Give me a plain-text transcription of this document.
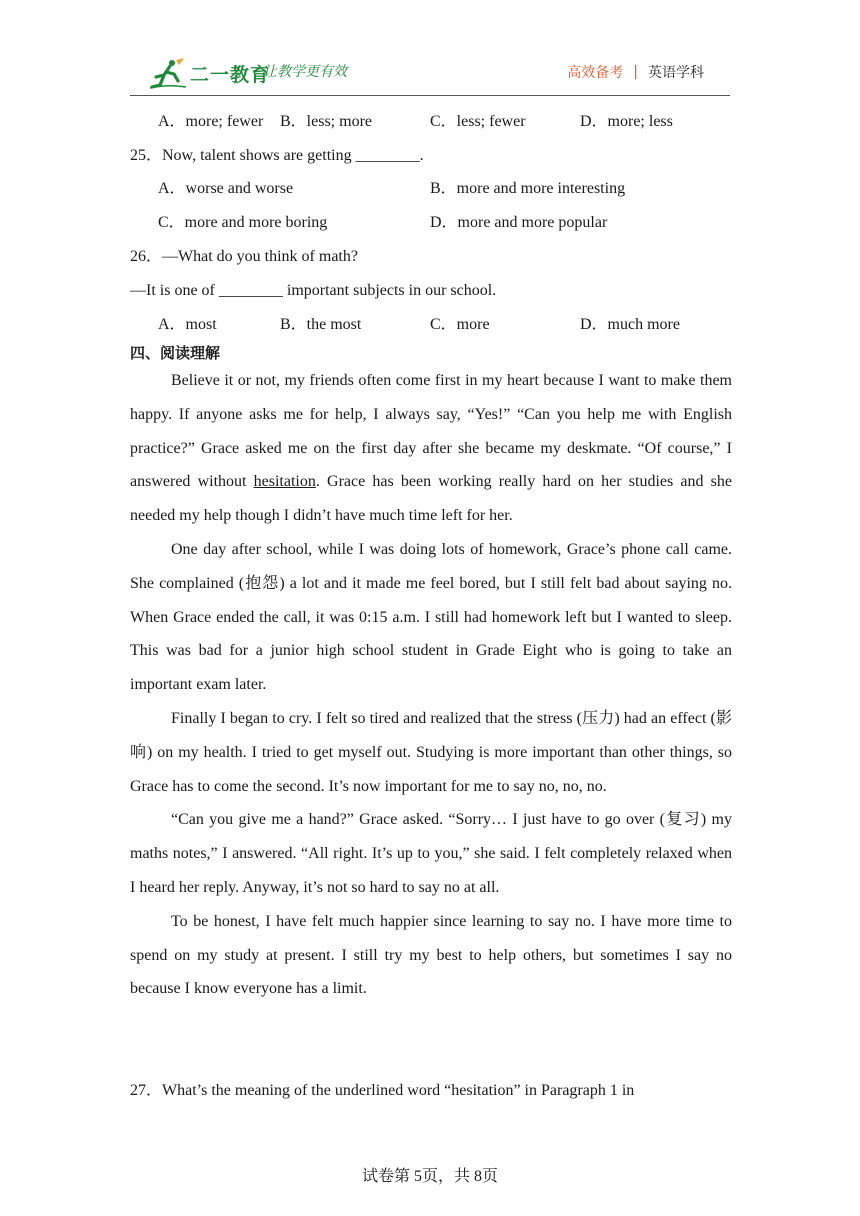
二一教育
让教学更有效	高效备考 | 英语学科
A．more; fewer B．less; more	C．less; fewer	D．more; less
25．Now, talent shows are getting ________.
A．worse and worse	B．more and more interesting
C．more and more boring	D．more and more popular
26．—What do you think of math?
—It is one of ________ important subjects in our school.
A．most	B．the most	C．more	D．much more
四、阅读理解

Believe it or not, my friends often come first in my heart because I want to make them happy. If anyone asks me for help, I always say, “Yes!” “Can you help me with English practice?” Grace asked me on the first day after she became my deskmate. “Of course,” I answered without hesitation. Grace has been working really hard on her studies and she needed my help though I didn’t have much time left for her.

One day after school, while I was doing lots of homework, Grace’s phone call came. She complained (抱怨) a lot and it made me feel bored, but I still felt bad about saying no. When Grace ended the call, it was 0:15 a.m. I still had homework left but I wanted to sleep. This was bad for a junior high school student in Grade Eight who is going to take an important exam later.

Finally I began to cry. I felt so tired and realized that the stress (压力) had an effect (影响) on my health. I tried to get myself out. Studying is more important than other things, so Grace has to come the second. It’s now important for me to say no, no, no.

“Can you give me a hand?” Grace asked. “Sorry… I just have to go over (复习) my maths notes,” I answered. “All right. It’s up to you,” she said. I felt completely relaxed when I heard her reply. Anyway, it’s not so hard to say no at all.

To be honest, I have felt much happier since learning to say no. I have more time to spend on my study at present. I still try my best to help others, but sometimes I say no because I know everyone has a limit.

27．What’s the meaning of the underlined word “hesitation” in Paragraph 1 in
试卷第 5页，共 8页
